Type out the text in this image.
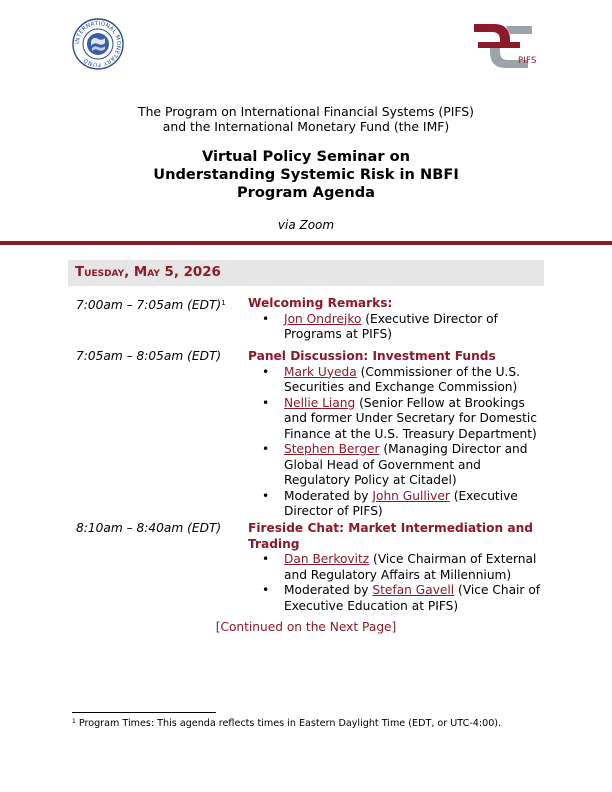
INTERNATIONAL MONETARY FUND	PIFS
The Program on International Financial Systems (PIFS)
and the International Monetary Fund (the IMF)
Virtual Policy Seminar on
Understanding Systemic Risk in NBFI
Program Agenda
via Zoom
Tuesday, May 5, 2026
7:00am – 7:05am (EDT)$^1$ Welcoming Remarks:
• Jon Ondrejko (Executive Director of Programs at PIFS)
7:05am – 8:05am (EDT) Panel Discussion: Investment Funds
• Mark Uyeda (Commissioner of the U.S. Securities and Exchange Commission)
• Nellie Liang (Senior Fellow at Brookings and former Under Secretary for Domestic Finance at the U.S. Treasury Department)
• Stephen Berger (Managing Director and Global Head of Government and Regulatory Policy at Citadel)
• Moderated by John Gulliver (Executive Director of PIFS)
8:10am – 8:40am (EDT) Fireside Chat: Market Intermediation and Trading
• Dan Berkovitz (Vice Chairman of External and Regulatory Affairs at Millennium)
• Moderated by Stefan Gavell (Vice Chair of Executive Education at PIFS)
[Continued on the Next Page]
$^1$ Program Times: This agenda reflects times in Eastern Daylight Time (EDT, or UTC-4:00).
